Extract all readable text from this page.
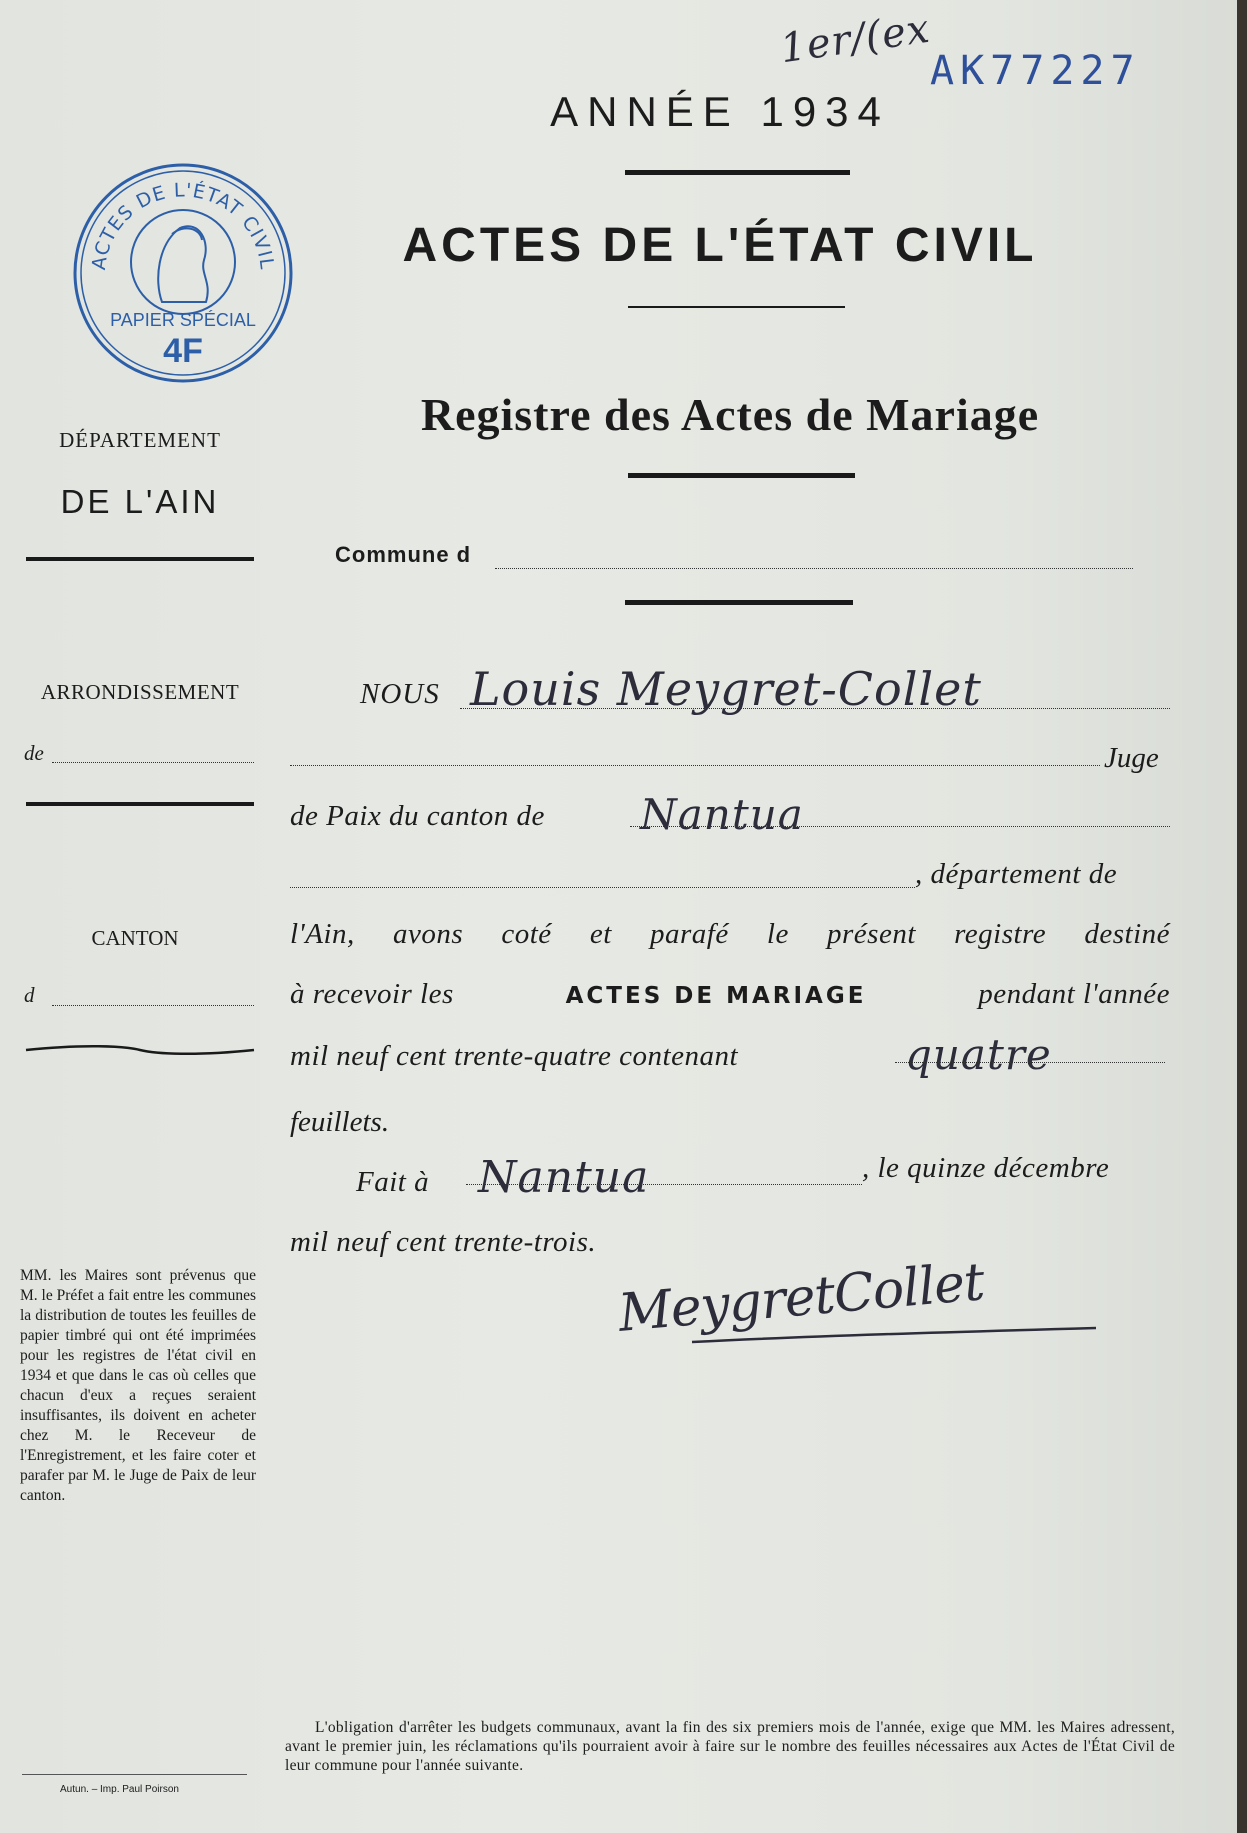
1er/(ex
AK77227
ANNÉE 1934
ACTES DE L'ÉTAT CIVIL
Registre des Actes de Mariage
ACTES DE L'ÉTAT CIVIL
PAPIER SPÉCIAL
4F
DÉPARTEMENT
DE L'AIN
ARRONDISSEMENT
de
CANTON
d
MM. les Maires sont prévenus que M. le Préfet a fait entre les communes la distribution de toutes les feuilles de papier timbré qui ont été imprimées pour les registres de l'état civil en 1934 et que dans le cas où celles que chacun d'eux a reçues seraient insuffisantes, ils doivent en acheter chez M. le Receveur de l'Enregistrement, et les faire coter et parafer par M. le Juge de Paix de leur canton.
Autun. – Imp. Paul Poirson
Commune d
NOUS Louis Meygret-Collet
Juge
de Paix du canton de Nantua
, département de
l'Ain, avons coté et parafé le présent registre destiné
à recevoir les	ACTES DE MARIAGE	pendant l'année
mil neuf cent trente-quatre contenant	quatre
feuillets.
Fait à Nantua	, le quinze décembre
mil neuf cent trente-trois.
MeygretCollet
L'obligation d'arrêter les budgets communaux, avant la fin des six premiers mois de l'année, exige que MM. les Maires adressent, avant le premier juin, les réclamations qu'ils pourraient avoir à faire sur le nombre des feuilles nécessaires aux Actes de l'État Civil de leur commune pour l'année suivante.
